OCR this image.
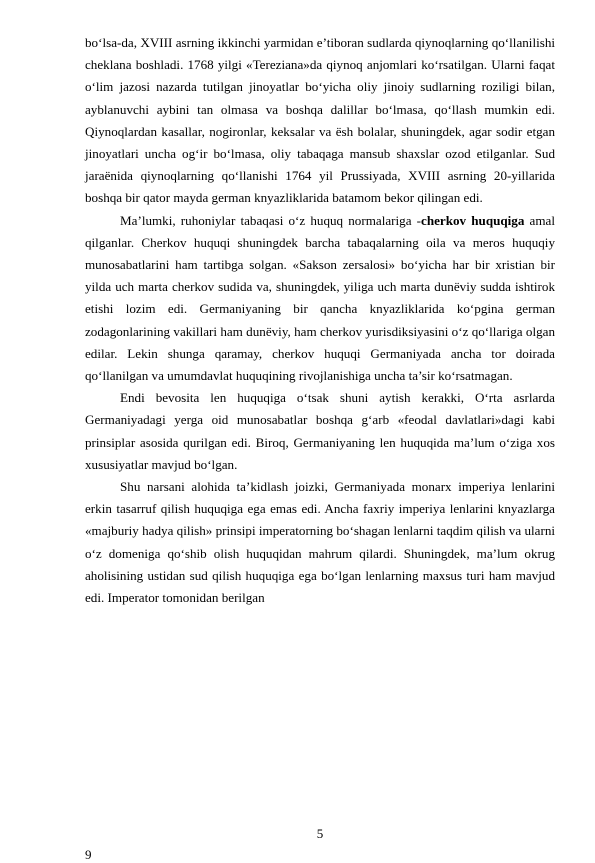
bo‘lsa-da, XVIII asrning ikkinchi yarmidan e’tiboran sudlarda qiynoqlarning qo‘llanilishi cheklana boshladi. 1768 yilgi «Tereziana»da qiynoq anjomlari ko‘rsatilgan. Ularni faqat o‘lim jazosi nazarda tutilgan jinoyatlar bo‘yicha oliy jinoiy sudlarning roziligi bilan, ayblanuvchi aybini tan olmasa va boshqa dalillar bo‘lmasa, qo‘llash mumkin edi. Qiynoqlardan kasallar, nogironlar, keksalar va ёsh bolalar, shuningdek, agar sodir etgan jinoyatlari uncha og‘ir bo‘lmasa, oliy tabaqaga mansub shaxslar ozod etilganlar. Sud jaraёnida qiynoqlarning qo‘llanishi 1764 yil Prussiyada, XVIII asrning 20-yillarida boshqa bir qator mayda german knyazliklarida batamom bekor qilingan edi.

Ma’lumki, ruhoniylar tabaqasi o‘z huquq normalariga -cherkov huquqiga amal qilganlar. Cherkov huquqi shuningdek barcha tabaqalarning oila va meros huquqiy munosabatlarini ham tartibga solgan. «Sakson zersalosi» bo‘yicha har bir xristian bir yilda uch marta cherkov sudida va, shuningdek, yiliga uch marta dunёviy sudda ishtirok etishi lozim edi. Germaniyaning bir qancha knyazliklarida ko‘pgina german zodagonlarining vakillari ham dunёviy, ham cherkov yurisdiksiyasini o‘z qo‘llariga olgan edilar. Lekin shunga qaramay, cherkov huquqi Germaniyada ancha tor doirada qo‘llanilgan va umumdavlat huquqining rivojlanishiga uncha ta’sir ko‘rsatmagan.

Endi bevosita len huquqiga o‘tsak shuni aytish kerakki, O‘rta asrlarda Germaniyadagi yerga oid munosabatlar boshqa g‘arb «feodal davlatlari»dagi kabi prinsiplar asosida qurilgan edi. Biroq, Germaniyaning len huquqida ma’lum o‘ziga xos xususiyatlar mavjud bo‘lgan.

Shu narsani alohida ta’kidlash joizki, Germaniyada monarx imperiya lenlarini erkin tasarruf qilish huquqiga ega emas edi. Ancha faxriy imperiya lenlarini knyazlarga «majburiy hadya qilish» prinsipi imperatorning bo‘shagan lenlarni taqdim qilish va ularni o‘z domeniga qo‘shib olish huquqidan mahrum qilardi. Shuningdek, ma’lum okrug aholisining ustidan sud qilish huquqiga ega bo‘lgan lenlarning maxsus turi ham mavjud edi. Imperator tomonidan berilgan

5
9
